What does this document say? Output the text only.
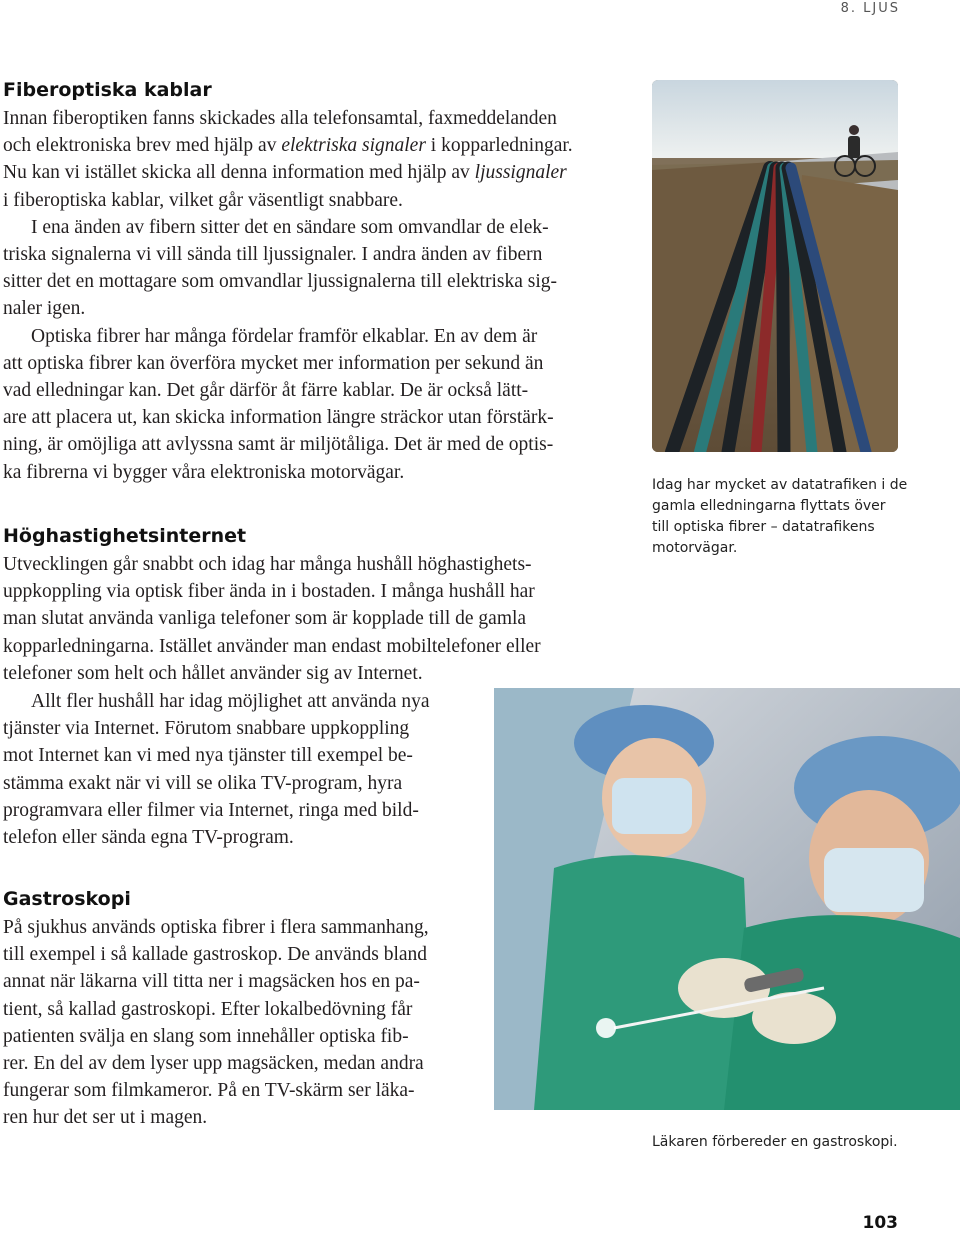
8. LJUS
Fiberoptiska kablar
Innan fiberoptiken fanns skickades alla telefonsamtal, faxmeddelanden
och elektroniska brev med hjälp av elektriska signaler i kopparledningar.
Nu kan vi istället skicka all denna information med hjälp av ljussignaler
i fiberoptiska kablar, vilket går väsentligt snabbare.
I ena änden av fibern sitter det en sändare som omvandlar de elek-
triska signalerna vi vill sända till ljussignaler. I andra änden av fibern
sitter det en mottagare som omvandlar ljussignalerna till elektriska sig-
naler igen.
Optiska fibrer har många fördelar framför elkablar. En av dem är
att optiska fibrer kan överföra mycket mer information per sekund än
vad elledningar kan. Det går därför åt färre kablar. De är också lätt-
are att placera ut, kan skicka information längre sträckor utan förstärk-
ning, är omöjliga att avlyssna samt är miljötåliga. Det är med de optis-
ka fibrerna vi bygger våra elektroniska motorvägar.
Höghastighetsinternet
Utvecklingen går snabbt och idag har många hushåll höghastighets-
uppkoppling via optisk fiber ända in i bostaden. I många hushåll har
man slutat använda vanliga telefoner som är kopplade till de gamla
kopparledningarna. Istället använder man endast mobiltelefoner eller
telefoner som helt och hållet använder sig av Internet.
Allt fler hushåll har idag möjlighet att använda nya
tjänster via Internet. Förutom snabbare uppkoppling
mot Internet kan vi med nya tjänster till exempel be-
stämma exakt när vi vill se olika TV-program, hyra
programvara eller filmer via Internet, ringa med bild-
telefon eller sända egna TV-program.
Gastroskopi
På sjukhus används optiska fibrer i flera sammanhang,
till exempel i så kallade gastroskop. De används bland
annat när läkarna vill titta ner i magsäcken hos en pa-
tient, så kallad gastroskopi. Efter lokalbedövning får
patienten svälja en slang som innehåller optiska fib-
rer. En del av dem lyser upp magsäcken, medan andra
fungerar som filmkameror. På en TV-skärm ser läka-
ren hur det ser ut i magen.
Idag har mycket av datatrafiken i de
gamla elledningarna flyttats över
till optiska fibrer – datatrafikens
motorvägar.
Läkaren förbereder en gastroskopi.
103
